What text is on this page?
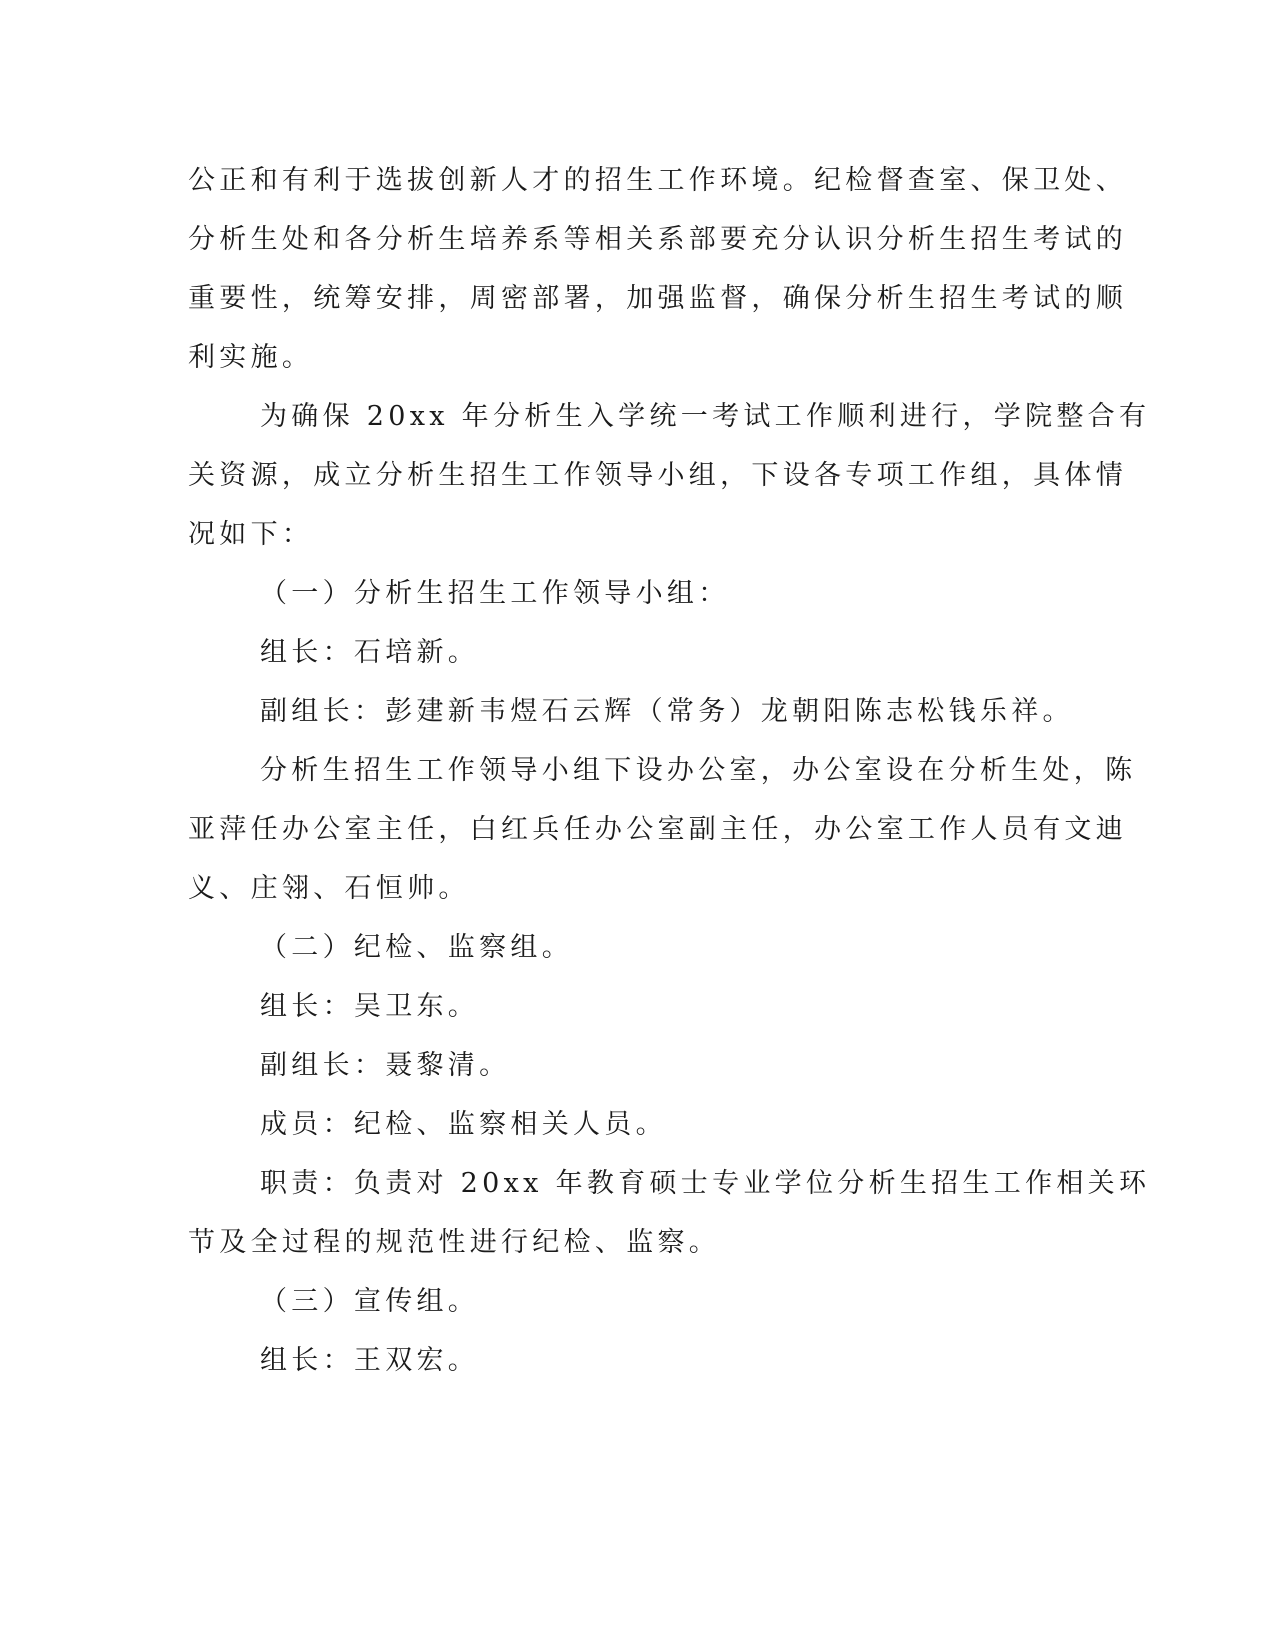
公正和有利于选拔创新人才的招生工作环境。纪检督查室、保卫处、
分析生处和各分析生培养系等相关系部要充分认识分析生招生考试的
重要性，统筹安排，周密部署，加强监督，确保分析生招生考试的顺
利实施。
为确保 20xx 年分析生入学统一考试工作顺利进行，学院整合有
关资源，成立分析生招生工作领导小组，下设各专项工作组，具体情
况如下：
（一）分析生招生工作领导小组：
组长：石培新。
副组长：彭建新韦煜石云辉（常务）龙朝阳陈志松钱乐祥。
分析生招生工作领导小组下设办公室，办公室设在分析生处，陈
亚萍任办公室主任，白红兵任办公室副主任，办公室工作人员有文迪
义、庄翎、石恒帅。
（二）纪检、监察组。
组长：吴卫东。
副组长：聂黎清。
成员：纪检、监察相关人员。
职责：负责对 20xx 年教育硕士专业学位分析生招生工作相关环
节及全过程的规范性进行纪检、监察。
（三）宣传组。
组长：王双宏。
